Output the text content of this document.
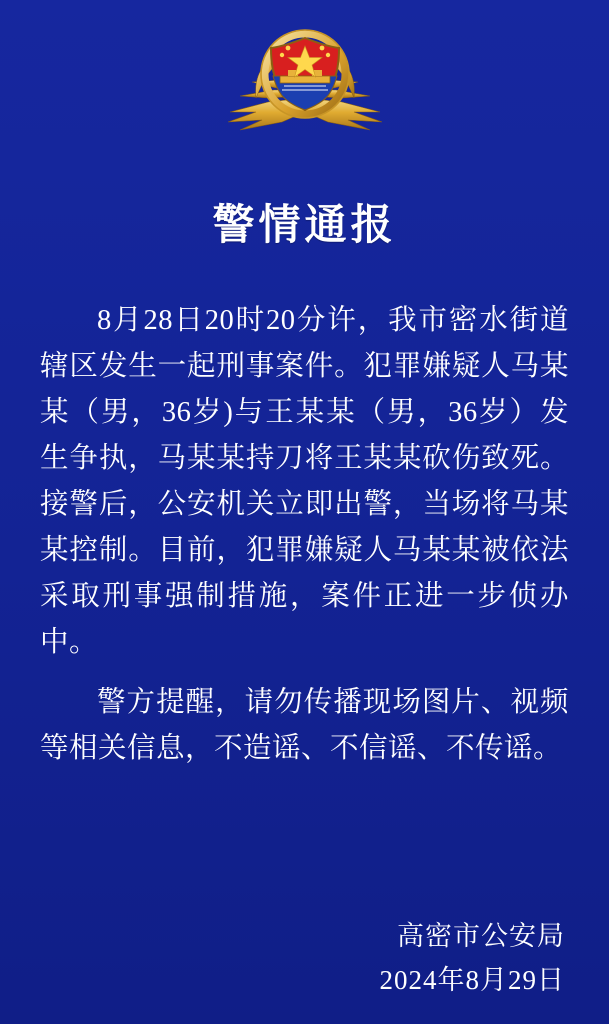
警情通报

8月28日20时20分许，我市密水街道辖区发生一起刑事案件。犯罪嫌疑人马某某（男，36岁)与王某某（男，36岁）发生争执，马某某持刀将王某某砍伤致死。接警后，公安机关立即出警，当场将马某某控制。目前，犯罪嫌疑人马某某被依法采取刑事强制措施，案件正进一步侦办中。

警方提醒，请勿传播现场图片、视频等相关信息，不造谣、不信谣、不传谣。

高密市公安局
2024年8月29日
